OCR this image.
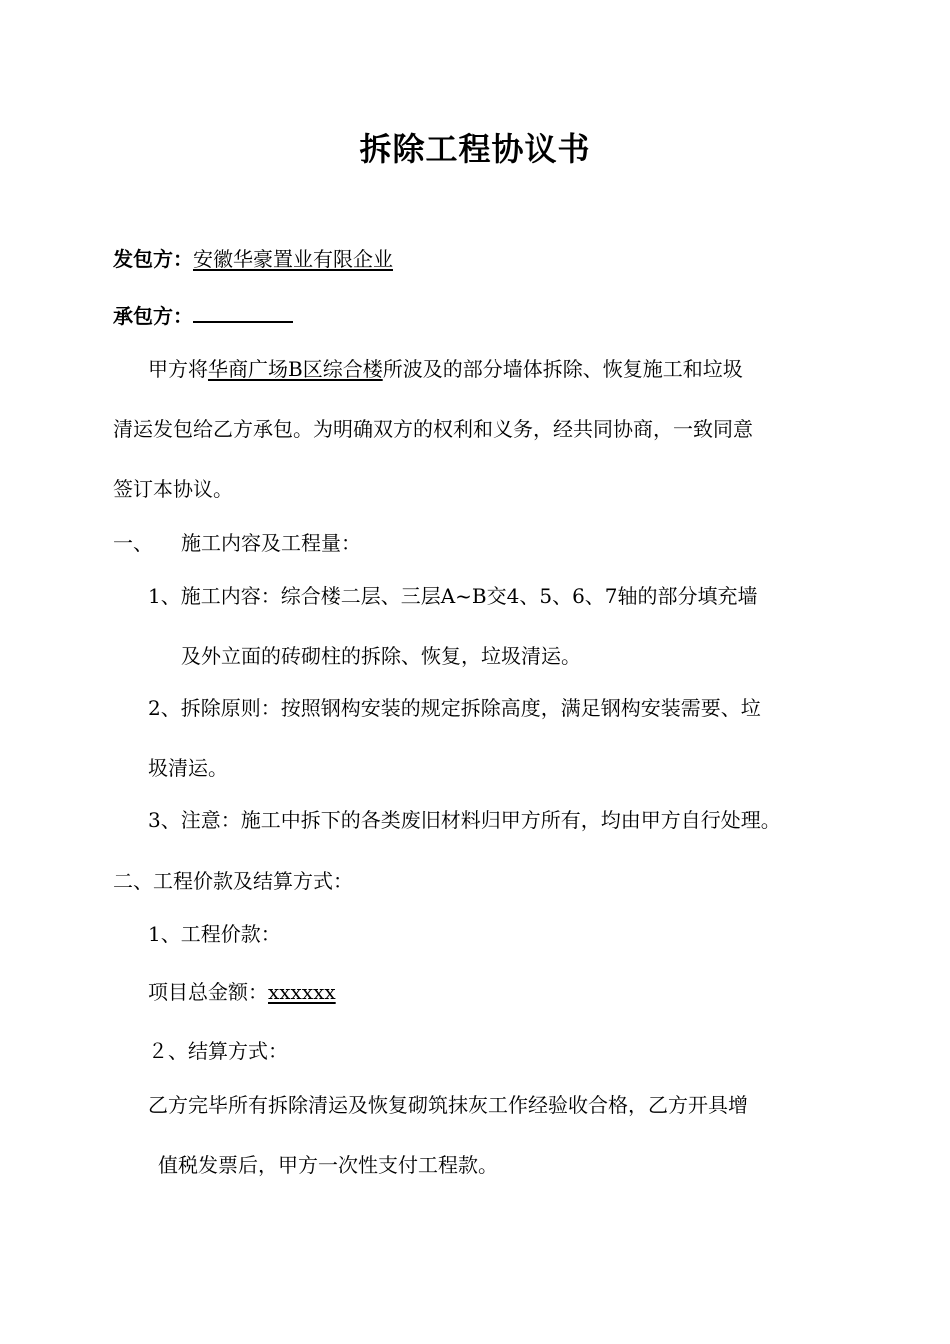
拆除工程协议书
发包方：安徽华豪置业有限企业
承包方：
甲方将华商广场B区综合楼所波及的部分墙体拆除、恢复施工和垃圾
清运发包给乙方承包。为明确双方的权利和义务，经共同协商，一致同意
签订本协议。
一、 施工内容及工程量：
1、施工内容：综合楼二层、三层A~B交4、5、6、7轴的部分填充墙
及外立面的砖砌柱的拆除、恢复，垃圾清运。
2、拆除原则：按照钢构安装的规定拆除高度，满足钢构安装需要、垃
圾清运。
3、注意：施工中拆下的各类废旧材料归甲方所有，均由甲方自行处理。
二、工程价款及结算方式：
1、工程价款：
项目总金额：xxxxxx
２、结算方式：
乙方完毕所有拆除清运及恢复砌筑抹灰工作经验收合格，乙方开具增
值税发票后，甲方一次性支付工程款。
